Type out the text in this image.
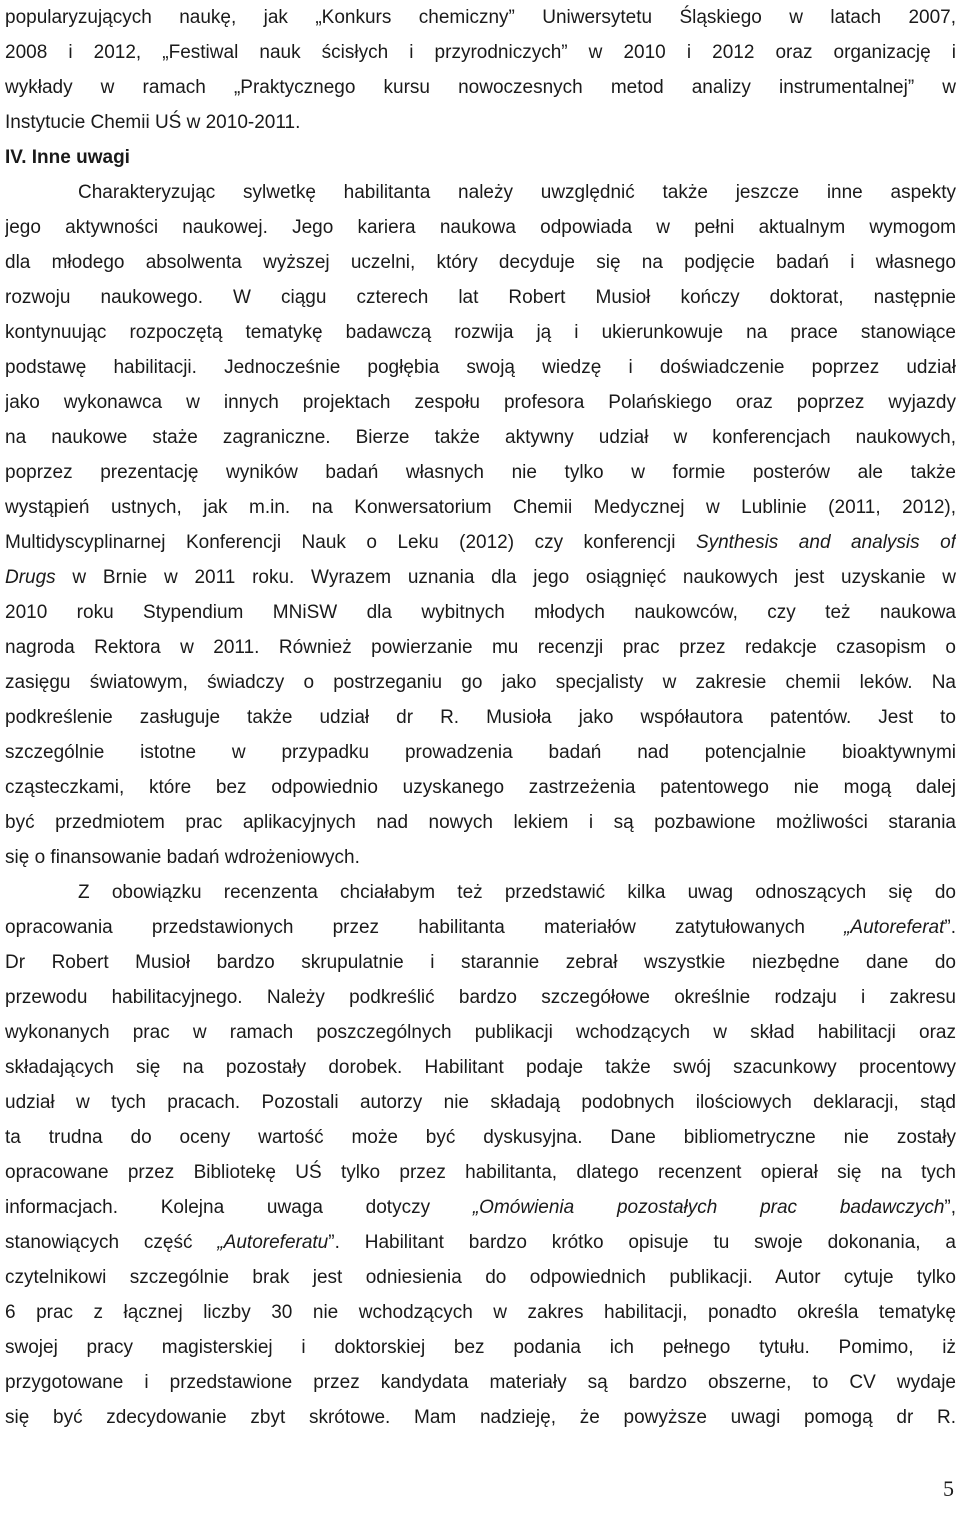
popularyzujących naukę, jak „Konkurs chemiczny” Uniwersytetu Śląskiego w latach 2007,
2008 i 2012, „Festiwal nauk ścisłych i przyrodniczych” w 2010 i 2012 oraz organizację i
wykłady w ramach „Praktycznego kursu nowoczesnych metod analizy instrumentalnej” w
Instytucie Chemii UŚ w 2010-2011.
IV. Inne uwagi
Charakteryzując sylwetkę habilitanta należy uwzględnić także jeszcze inne aspekty
jego aktywności naukowej. Jego kariera naukowa odpowiada w pełni aktualnym wymogom
dla młodego absolwenta wyższej uczelni, który decyduje się na podjęcie badań i własnego
rozwoju naukowego. W ciągu czterech lat Robert Musioł kończy doktorat, następnie
kontynuując rozpoczętą tematykę badawczą rozwija ją i ukierunkowuje na prace stanowiące
podstawę habilitacji. Jednocześnie pogłębia swoją wiedzę i doświadczenie poprzez udział
jako wykonawca w innych projektach zespołu profesora Polańskiego oraz poprzez wyjazdy
na naukowe staże zagraniczne. Bierze także aktywny udział w konferencjach naukowych,
poprzez prezentację wyników badań własnych nie tylko w formie posterów ale także
wystąpień ustnych, jak m.in. na Konwersatorium Chemii Medycznej w Lublinie (2011, 2012),
Multidyscyplinarnej Konferencji Nauk o Leku (2012) czy konferencji Synthesis and analysis of
Drugs w Brnie w 2011 roku. Wyrazem uznania dla jego osiągnięć naukowych jest uzyskanie w
2010 roku Stypendium MNiSW dla wybitnych młodych naukowców, czy też naukowa
nagroda Rektora w 2011. Również powierzanie mu recenzji prac przez redakcje czasopism o
zasięgu światowym, świadczy o postrzeganiu go jako specjalisty w zakresie chemii leków. Na
podkreślenie zasługuje także udział dr R. Musioła jako współautora patentów. Jest to
szczególnie istotne w przypadku prowadzenia badań nad potencjalnie bioaktywnymi
cząsteczkami, które bez odpowiednio uzyskanego zastrzeżenia patentowego nie mogą dalej
być przedmiotem prac aplikacyjnych nad nowych lekiem i są pozbawione możliwości starania
się o finansowanie badań wdrożeniowych.
Z obowiązku recenzenta chciałabym też przedstawić kilka uwag odnoszących się do
opracowania przedstawionych przez habilitanta materiałów zatytułowanych „Autoreferat”.
Dr Robert Musioł bardzo skrupulatnie i starannie zebrał wszystkie niezbędne dane do
przewodu habilitacyjnego. Należy podkreślić bardzo szczegółowe określnie rodzaju i zakresu
wykonanych prac w ramach poszczególnych publikacji wchodzących w skład habilitacji oraz
składających się na pozostały dorobek. Habilitant podaje także swój szacunkowy procentowy
udział w tych pracach. Pozostali autorzy nie składają podobnych ilościowych deklaracji, stąd
ta trudna do oceny wartość może być dyskusyjna. Dane bibliometryczne nie zostały
opracowane przez Bibliotekę UŚ tylko przez habilitanta, dlatego recenzent opierał się na tych
informacjach. Kolejna uwaga dotyczy „Omówienia pozostałych prac badawczych”,
stanowiących część „Autoreferatu”. Habilitant bardzo krótko opisuje tu swoje dokonania, a
czytelnikowi szczególnie brak jest odniesienia do odpowiednich publikacji. Autor cytuje tylko
6 prac z łącznej liczby 30 nie wchodzących w zakres habilitacji, ponadto określa tematykę
swojej pracy magisterskiej i doktorskiej bez podania ich pełnego tytułu. Pomimo, iż
przygotowane i przedstawione przez kandydata materiały są bardzo obszerne, to CV wydaje
się być zdecydowanie zbyt skrótowe. Mam nadzieję, że powyższe uwagi pomogą dr R.
5
